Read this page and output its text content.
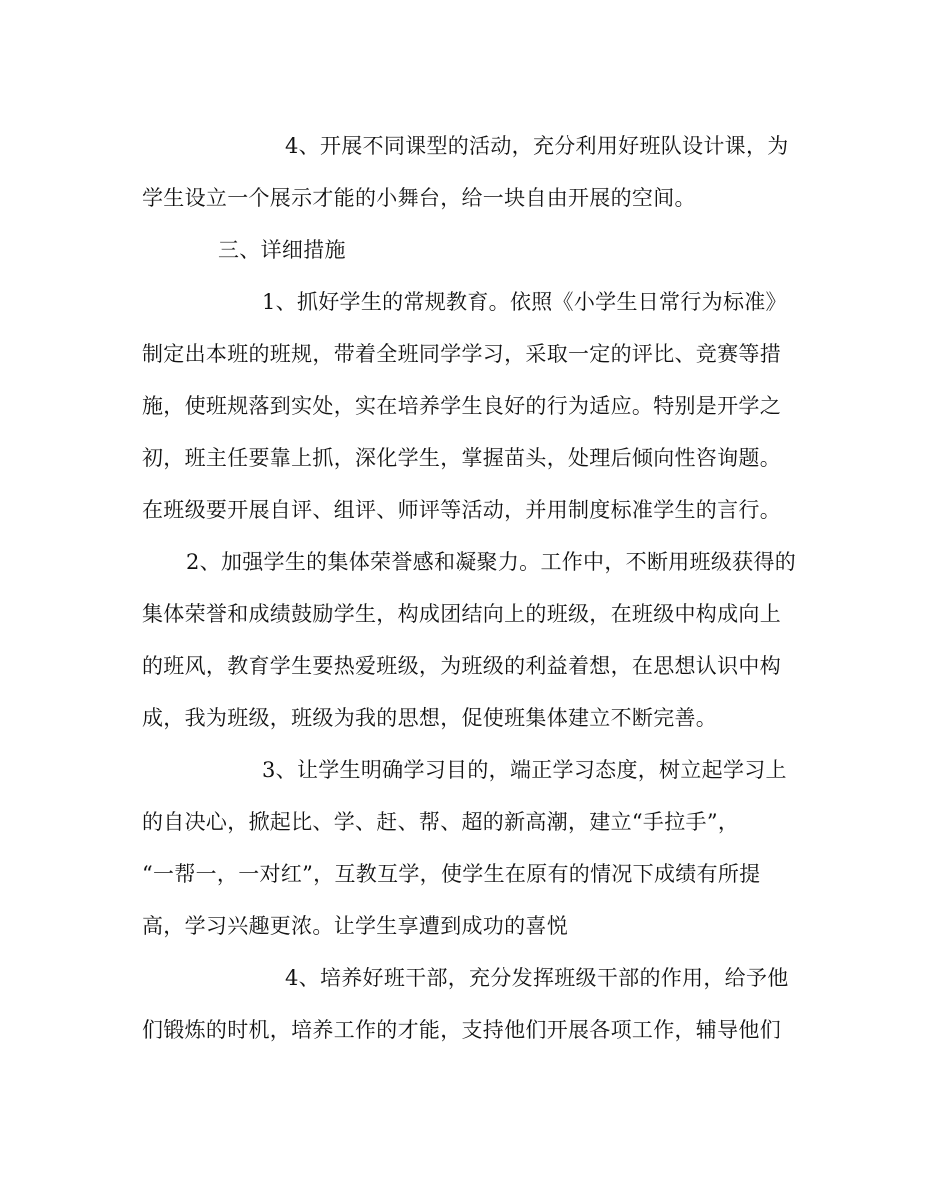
4、开展不同课型的活动，充分利用好班队设计课，为
学生设立一个展示才能的小舞台，给一块自由开展的空间。
三、详细措施
1、抓好学生的常规教育。依照《小学生日常行为标准》
制定出本班的班规，带着全班同学学习，采取一定的评比、竞赛等措
施，使班规落到实处，实在培养学生良好的行为适应。特别是开学之
初，班主任要靠上抓，深化学生，掌握苗头，处理后倾向性咨询题。
在班级要开展自评、组评、师评等活动，并用制度标准学生的言行。
2、加强学生的集体荣誉感和凝聚力。工作中，不断用班级获得的
集体荣誉和成绩鼓励学生，构成团结向上的班级，在班级中构成向上
的班风，教育学生要热爱班级，为班级的利益着想，在思想认识中构
成，我为班级，班级为我的思想，促使班集体建立不断完善。
3、让学生明确学习目的，端正学习态度，树立起学习上
的自决心，掀起比、学、赶、帮、超的新高潮，建立“手拉手”，
“一帮一，一对红”，互教互学，使学生在原有的情况下成绩有所提
高，学习兴趣更浓。让学生享遭到成功的喜悦
4、培养好班干部，充分发挥班级干部的作用，给予他
们锻炼的时机，培养工作的才能，支持他们开展各项工作，辅导他们
